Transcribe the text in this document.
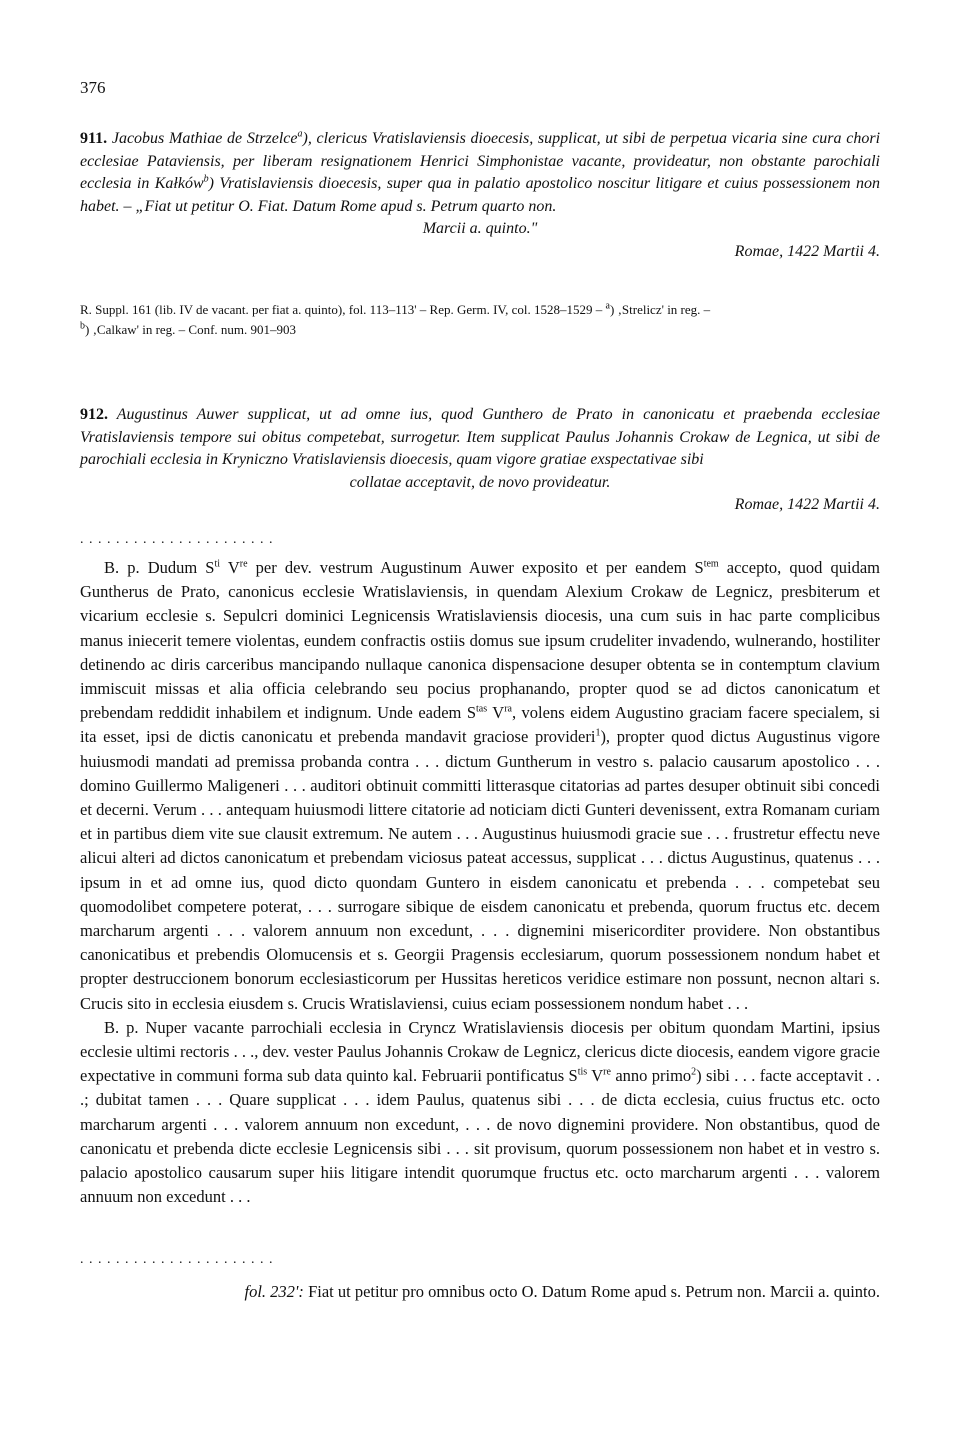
376
911. Jacobus Mathiae de Strzelce$^a$), clericus Vratislaviensis dioecesis, supplicat, ut sibi de perpetua vicaria sine cura chori ecclesiae Pataviensis, per liberam resignationem Henrici Simphonistae vacante, provideatur, non obstante parochiali ecclesia in Kałków$^b$) Vratislaviensis dioecesis, super qua in palatio apostolico noscitur litigare et cuius possessionem non habet. – „Fiat ut petitur O. Fiat. Datum Rome apud s. Petrum quarto non.
Marcii a. quinto."
Romae, 1422 Martii 4.
R. Suppl. 161 (lib. IV de vacant. per fiat a. quinto), fol. 113–113' – Rep. Germ. IV, col. 1528–1529 – $^a$) ‚Strelicz' in reg. –
$^b$) ‚Calkaw' in reg. – Conf. num. 901–903
912. Augustinus Auwer supplicat, ut ad omne ius, quod Gunthero de Prato in canonicatu et praebenda ecclesiae Vratislaviensis tempore sui obitus competebat, surrogetur. Item supplicat Paulus Johannis Crokaw de Legnica, ut sibi de parochiali ecclesia in Kryniczno Vratislaviensis dioecesis, quam vigore gratiae exspectativae sibi
collatae acceptavit, de novo provideatur.
Romae, 1422 Martii 4.
. . . . . . . . . . . . . . . . . . . . . .

B. p. Dudum $S^{ti}$ Vre per dev. vestrum Augustinum Auwer exposito et per eandem $S^{tem}$ accepto, quod quidam Guntherus de Prato, canonicus ecclesie Wratislaviensis, in quendam Alexium Crokaw de Legnicz, presbiterum et vicarium ecclesie s. Sepulcri dominici Legnicensis Wratislaviensis diocesis, una cum suis in hac parte complicibus manus iniecerit temere violentas, eundem confractis ostiis domus sue ipsum crudeliter invadendo, wulnerando, hostiliter detinendo ac diris carceribus mancipando nullaque canonica dispensacione desuper obtenta se in contemptum clavium immiscuit missas et alia officia celebrando seu pocius prophanando, propter quod se ad dictos canonicatum et prebendam reddidit inhabilem et indignum. Unde eadem $S^{tas}$ $V^{ra}$, volens eidem Augustino graciam facere specialem, si ita esset, ipsi de dictis canonicatu et prebenda mandavit graciose provideri$^1$), propter quod dictus Augustinus vigore huiusmodi mandati ad premissa probanda contra . . . dictum Guntherum in vestro s. palacio causarum apostolico . . . domino Guillermo Maligeneri . . . auditori obtinuit committi litterasque citatorias ad partes desuper obtinuit sibi concedi et decerni. Verum . . . antequam huiusmodi littere citatorie ad noticiam dicti Gunteri devenissent, extra Romanam curiam et in partibus diem vite sue clausit extremum. Ne autem . . . Augustinus huiusmodi gracie sue . . . frustretur effectu neve alicui alteri ad dictos canonicatum et prebendam viciosus pateat accessus, supplicat . . . dictus Augustinus, quatenus . . . ipsum in et ad omne ius, quod dicto quondam Guntero in eisdem canonicatu et prebenda . . . competebat seu quomodolibet competere poterat, . . . surrogare sibique de eisdem canonicatu et prebenda, quorum fructus etc. decem marcharum argenti . . . valorem annuum non excedunt, . . . dignemini misericorditer providere. Non obstantibus canonicatibus et prebendis Olomucensis et s. Georgii Pragensis ecclesiarum, quorum possessionem nondum habet et propter destruccionem bonorum ecclesiasticorum per Hussitas hereticos veridice estimare non possunt, necnon altari s. Crucis sito in ecclesia eiusdem s. Crucis Wratislaviensi, cuius eciam possessionem nondum habet . . .

B. p. Nuper vacante parrochiali ecclesia in Cryncz Wratislaviensis diocesis per obitum quondam Martini, ipsius ecclesie ultimi rectoris . . ., dev. vester Paulus Johannis Crokaw de Legnicz, clericus dicte diocesis, eandem vigore gracie expectative in communi forma sub data quinto kal. Februarii pontificatus $S^{tis}$ Vre anno primo$^2$) sibi . . . facte acceptavit . . .; dubitat tamen . . . Quare supplicat . . . idem Paulus, quatenus sibi . . . de dicta ecclesia, cuius fructus etc. octo marcharum argenti . . . valorem annuum non excedunt, . . . de novo dignemini providere. Non obstantibus, quod de canonicatu et prebenda dicte ecclesie Legnicensis sibi . . . sit provisum, quorum possessionem non habet et in vestro s. palacio apostolico causarum super hiis litigare intendit quorumque fructus etc. octo marcharum argenti . . . valorem annuum non excedunt . . .

. . . . . . . . . . . . . . . . . . . . . .
fol. 232': Fiat ut petitur pro omnibus octo O. Datum Rome apud s. Petrum non. Marcii a. quinto.
